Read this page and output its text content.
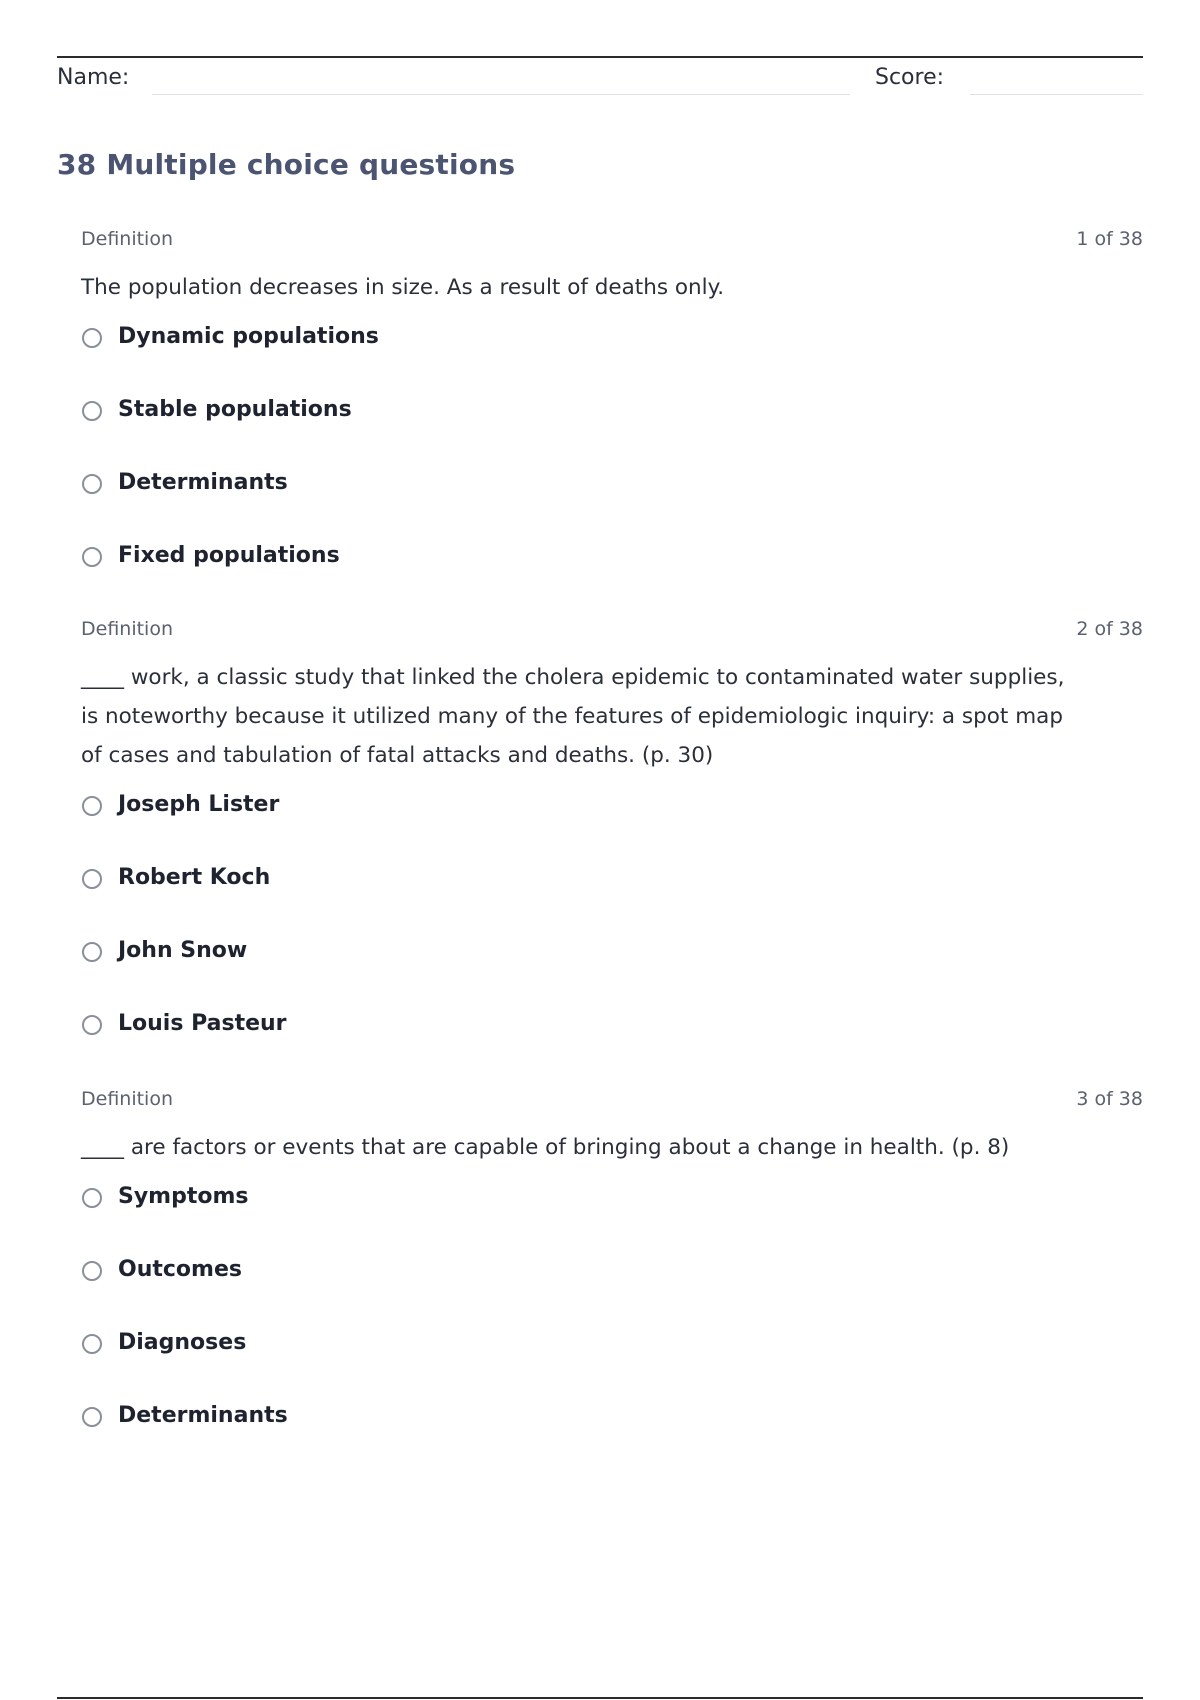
Name:	Score:
38 Multiple choice questions
Definition	1 of 38
The population decreases in size. As a result of deaths only.
Dynamic populations
Stable populations
Determinants
Fixed populations
Definition	2 of 38
____ work, a classic study that linked the cholera epidemic to contaminated water supplies, is noteworthy because it utilized many of the features of epidemiologic inquiry: a spot map of cases and tabulation of fatal attacks and deaths. (p. 30)
Joseph Lister
Robert Koch
John Snow
Louis Pasteur
Definition	3 of 38
____ are factors or events that are capable of bringing about a change in health. (p. 8)
Symptoms
Outcomes
Diagnoses
Determinants
